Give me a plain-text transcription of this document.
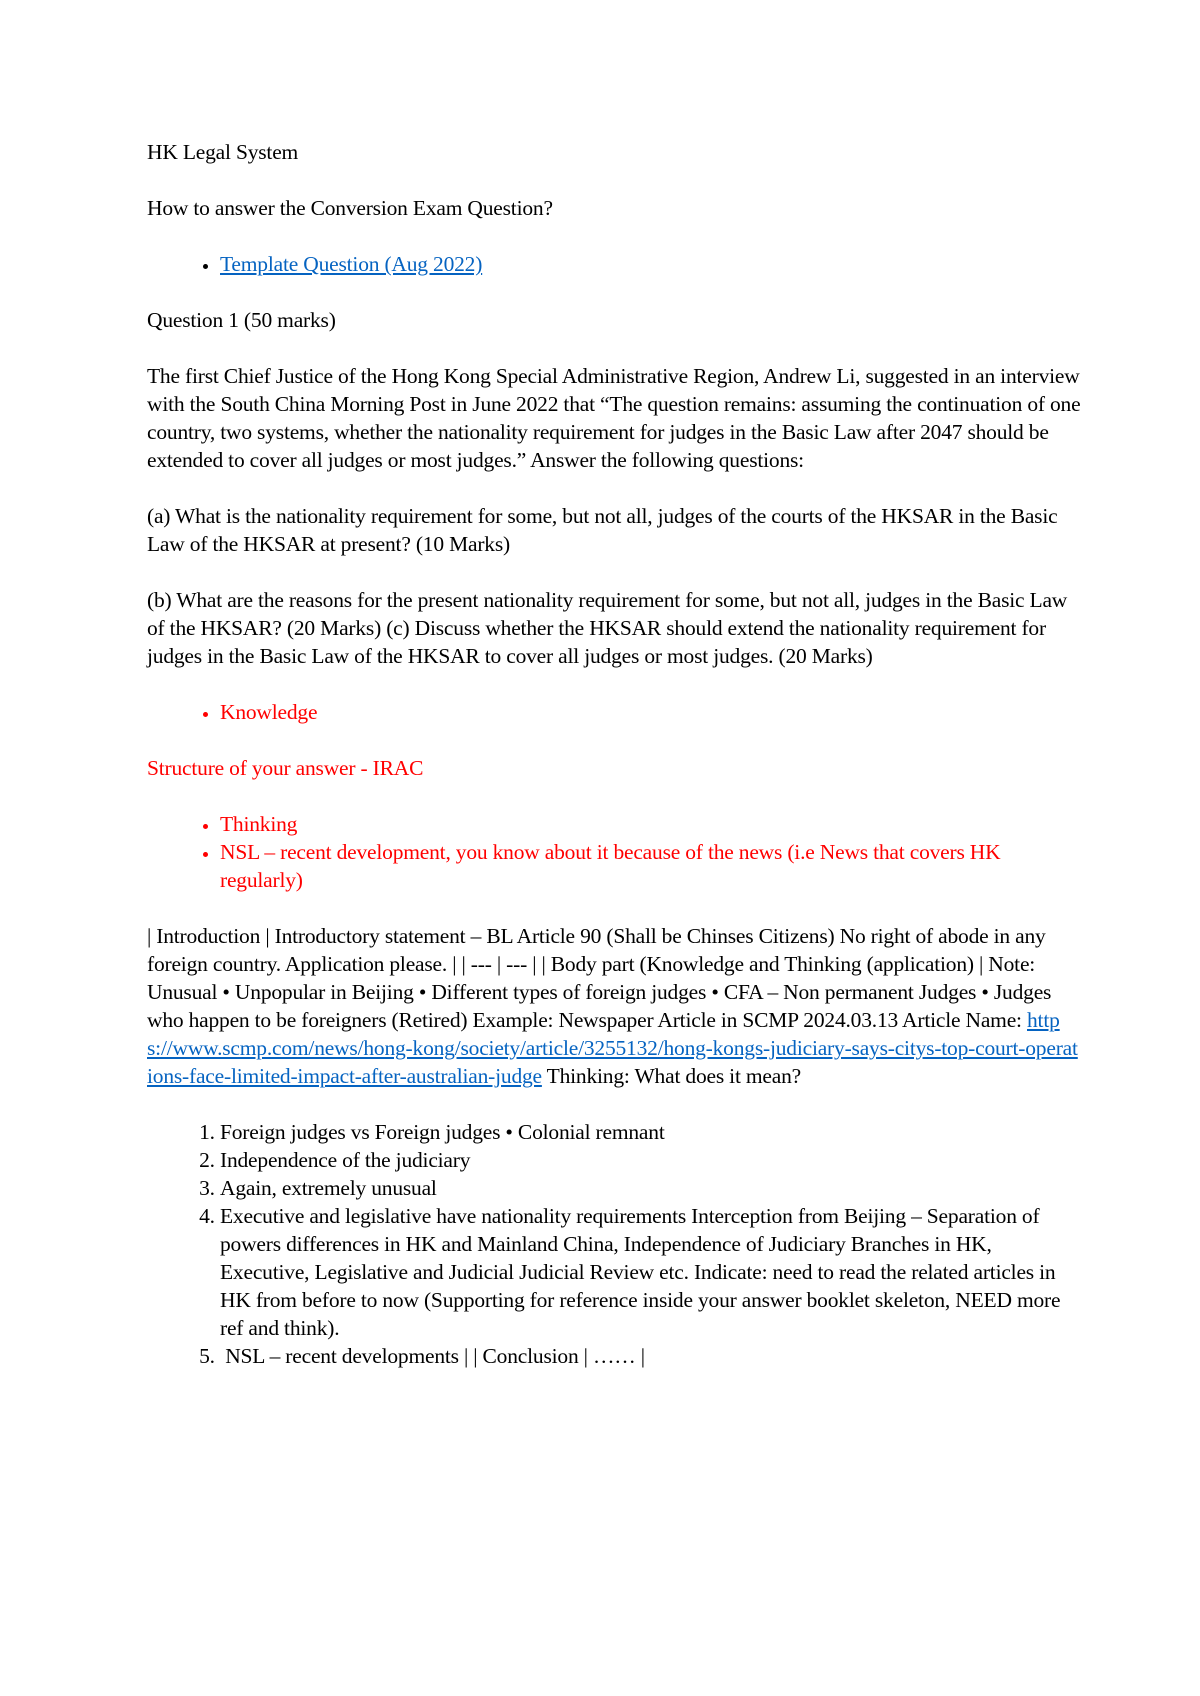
HK Legal System

How to answer the Conversion Exam Question?

• Template Question (Aug 2022)

Question 1 (50 marks)

The first Chief Justice of the Hong Kong Special Administrative Region, Andrew Li, suggested in an interview with the South China Morning Post in June 2022 that “The question remains: assuming the continuation of one country, two systems, whether the nationality requirement for judges in the Basic Law after 2047 should be extended to cover all judges or most judges.” Answer the following questions:

(a) What is the nationality requirement for some, but not all, judges of the courts of the HKSAR in the Basic Law of the HKSAR at present? (10 Marks)

(b) What are the reasons for the present nationality requirement for some, but not all, judges in the Basic Law of the HKSAR? (20 Marks) (c) Discuss whether the HKSAR should extend the nationality requirement for judges in the Basic Law of the HKSAR to cover all judges or most judges. (20 Marks)

• Knowledge

Structure of your answer - IRAC

• Thinking
• NSL – recent development, you know about it because of the news (i.e News that covers HK regularly)

| Introduction | Introductory statement – BL Article 90 (Shall be Chinses Citizens) No right of abode in any foreign country. Application please. | | --- | --- | | Body part (Knowledge and Thinking (application) | Note: Unusual • Unpopular in Beijing • Different types of foreign judges • CFA – Non permanent Judges • Judges who happen to be foreigners (Retired) Example: Newspaper Article in SCMP 2024.03.13 Article Name: https://www.scmp.com/news/hong-kong/society/article/3255132/hong-kongs-judiciary-says-citys-top-court-operations-face-limited-impact-after-australian-judge Thinking: What does it mean?

1. Foreign judges vs Foreign judges • Colonial remnant
2. Independence of the judiciary
3. Again, extremely unusual
4. Executive and legislative have nationality requirements Interception from Beijing – Separation of powers differences in HK and Mainland China, Independence of Judiciary Branches in HK, Executive, Legislative and Judicial Judicial Review etc. Indicate: need to read the related articles in HK from before to now (Supporting for reference inside your answer booklet skeleton, NEED more ref and think).
5.  NSL – recent developments | | Conclusion | …… |
